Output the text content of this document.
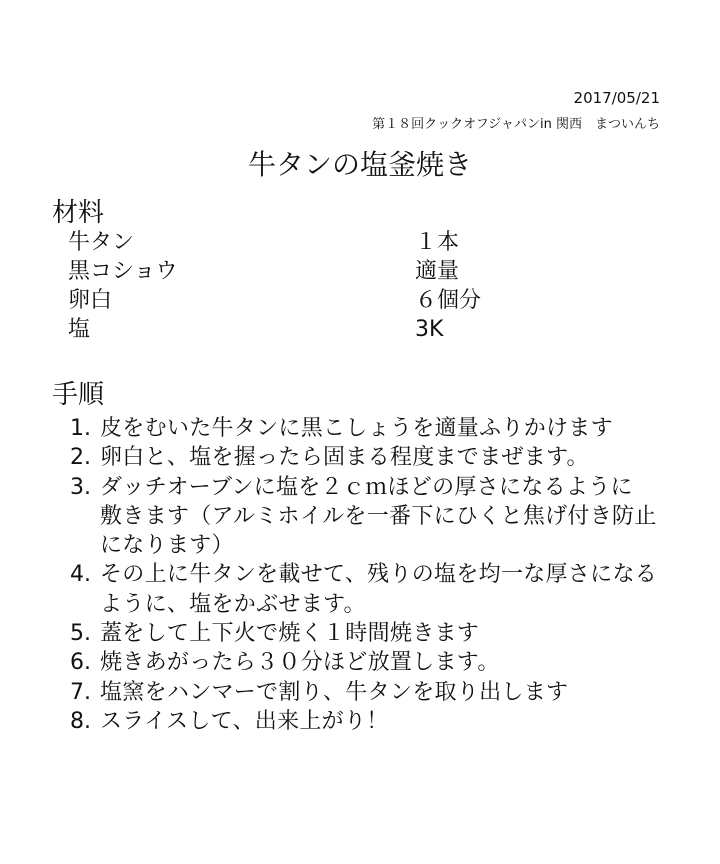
2017/05/21
第１８回クックオフジャパンin 関西　まついんち
牛タンの塩釜焼き
材料
牛タン	１本
黒コショウ	適量
卵白	６個分
塩	3K
手順
1. 皮をむいた牛タンに黒こしょうを適量ふりかけます
2. 卵白と、塩を握ったら固まる程度までまぜます。
3. ダッチオーブンに塩を２ｃｍほどの厚さになるように
敷きます（アルミホイルを一番下にひくと焦げ付き防止
になります）
4. その上に牛タンを載せて、残りの塩を均一な厚さになる
ように、塩をかぶせます。
5. 蓋をして上下火で焼く１時間焼きます
6. 焼きあがったら３０分ほど放置します。
7. 塩窯をハンマーで割り、牛タンを取り出します
8. スライスして、出来上がり！
